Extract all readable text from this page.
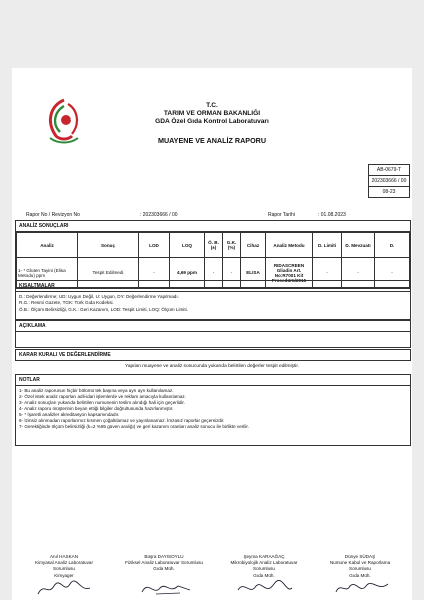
T.C.
TARIM VE ORMAN BAKANLIĞI
GDA Özel Gıda Kontrol Laboratuvarı
MUAYENE VE ANALİZ RAPORU
AB-0679-T
202303666 / 00
08-23
Rapor No / Revizyon No	: 202303666 / 00	Rapor Tarihi	: 01.08.2023
ANALİZ SONUÇLARI
Analiz	Sonuç	LOD	LOQ	Ö. B. (±)	G.K. (%)	Cihaz	Analiz Metodu	D. Limiti	D. Mevzuatı	D.
1- * Gluten Tayini (Elisa Metodu) ppm	Tespit Edilmedi	-	4,69 ppm	-	-	ELISA	RIDASCREEN Gliadin Art. No:R7001 Kit Prosedürü/2015	-	-	-
KISALTMALAR
D.: Değerlendirme; UD: Uygun Değil, U: Uygun, DY: Değerlendirme Yapılmadı.
R.G.: Resmi Gazete, TGK: Türk Gıda Kodeksi.
Ö.B.: Ölçüm Belirsizliği, G.K.: Geri Kazanım, LOD: Tespit Limiti, LOQ: Ölçüm Limiti.
AÇIKLAMA
KARAR KURALI VE DEĞERLENDİRME
Yapılan muayene ve analiz sonucunda yukarıda belirtilen değerler tespit edilmiştir.
NOTLAR
1- Bu analiz raporunun hiçbir bölümü tek başına veya ayrı ayrı kullanılamaz.
2- Özel istek analiz raporları adli-idari işlemlerde ve reklam amacıyla kullanılamaz.
3- Analiz sonuçları yukarıda belirtilen numunenin teslim alındığı hali için geçerlidir.
4- Analiz raporu müşterinin beyan ettiği bilgiler doğrultusunda hazırlanmıştır.
5- * İşaretli analizler akreditasyon kapsamındadır.
6- İzinsiz alınmadan raporlarımız kısmen çoğaltılamaz ve yayınlanamaz. İmzasız raporlar geçersizdir.
7- Gerektiğinde ölçüm belirsizliği (k=2 %95 güven aralığı) ve geri kazanım oranları analiz sonucu ile birlikte verilir.
Anıl HASKAN
Kimyasal Analiz Laboratuvar
Sorumlusu
Kimyager
Büşra DAYISOYLU
Fiziksel Analiz Laboratuvar Sorumlusu
Gıda Müh.
Şeyma KARAAĞAÇ
Mikrobiyolojik Analiz Laboratuvar
Sorumlusu
Gıda Müh.
Dünye SÜDAŞ
Numune Kabul ve Raporlama
Sorumlusu
Gıda Müh.
